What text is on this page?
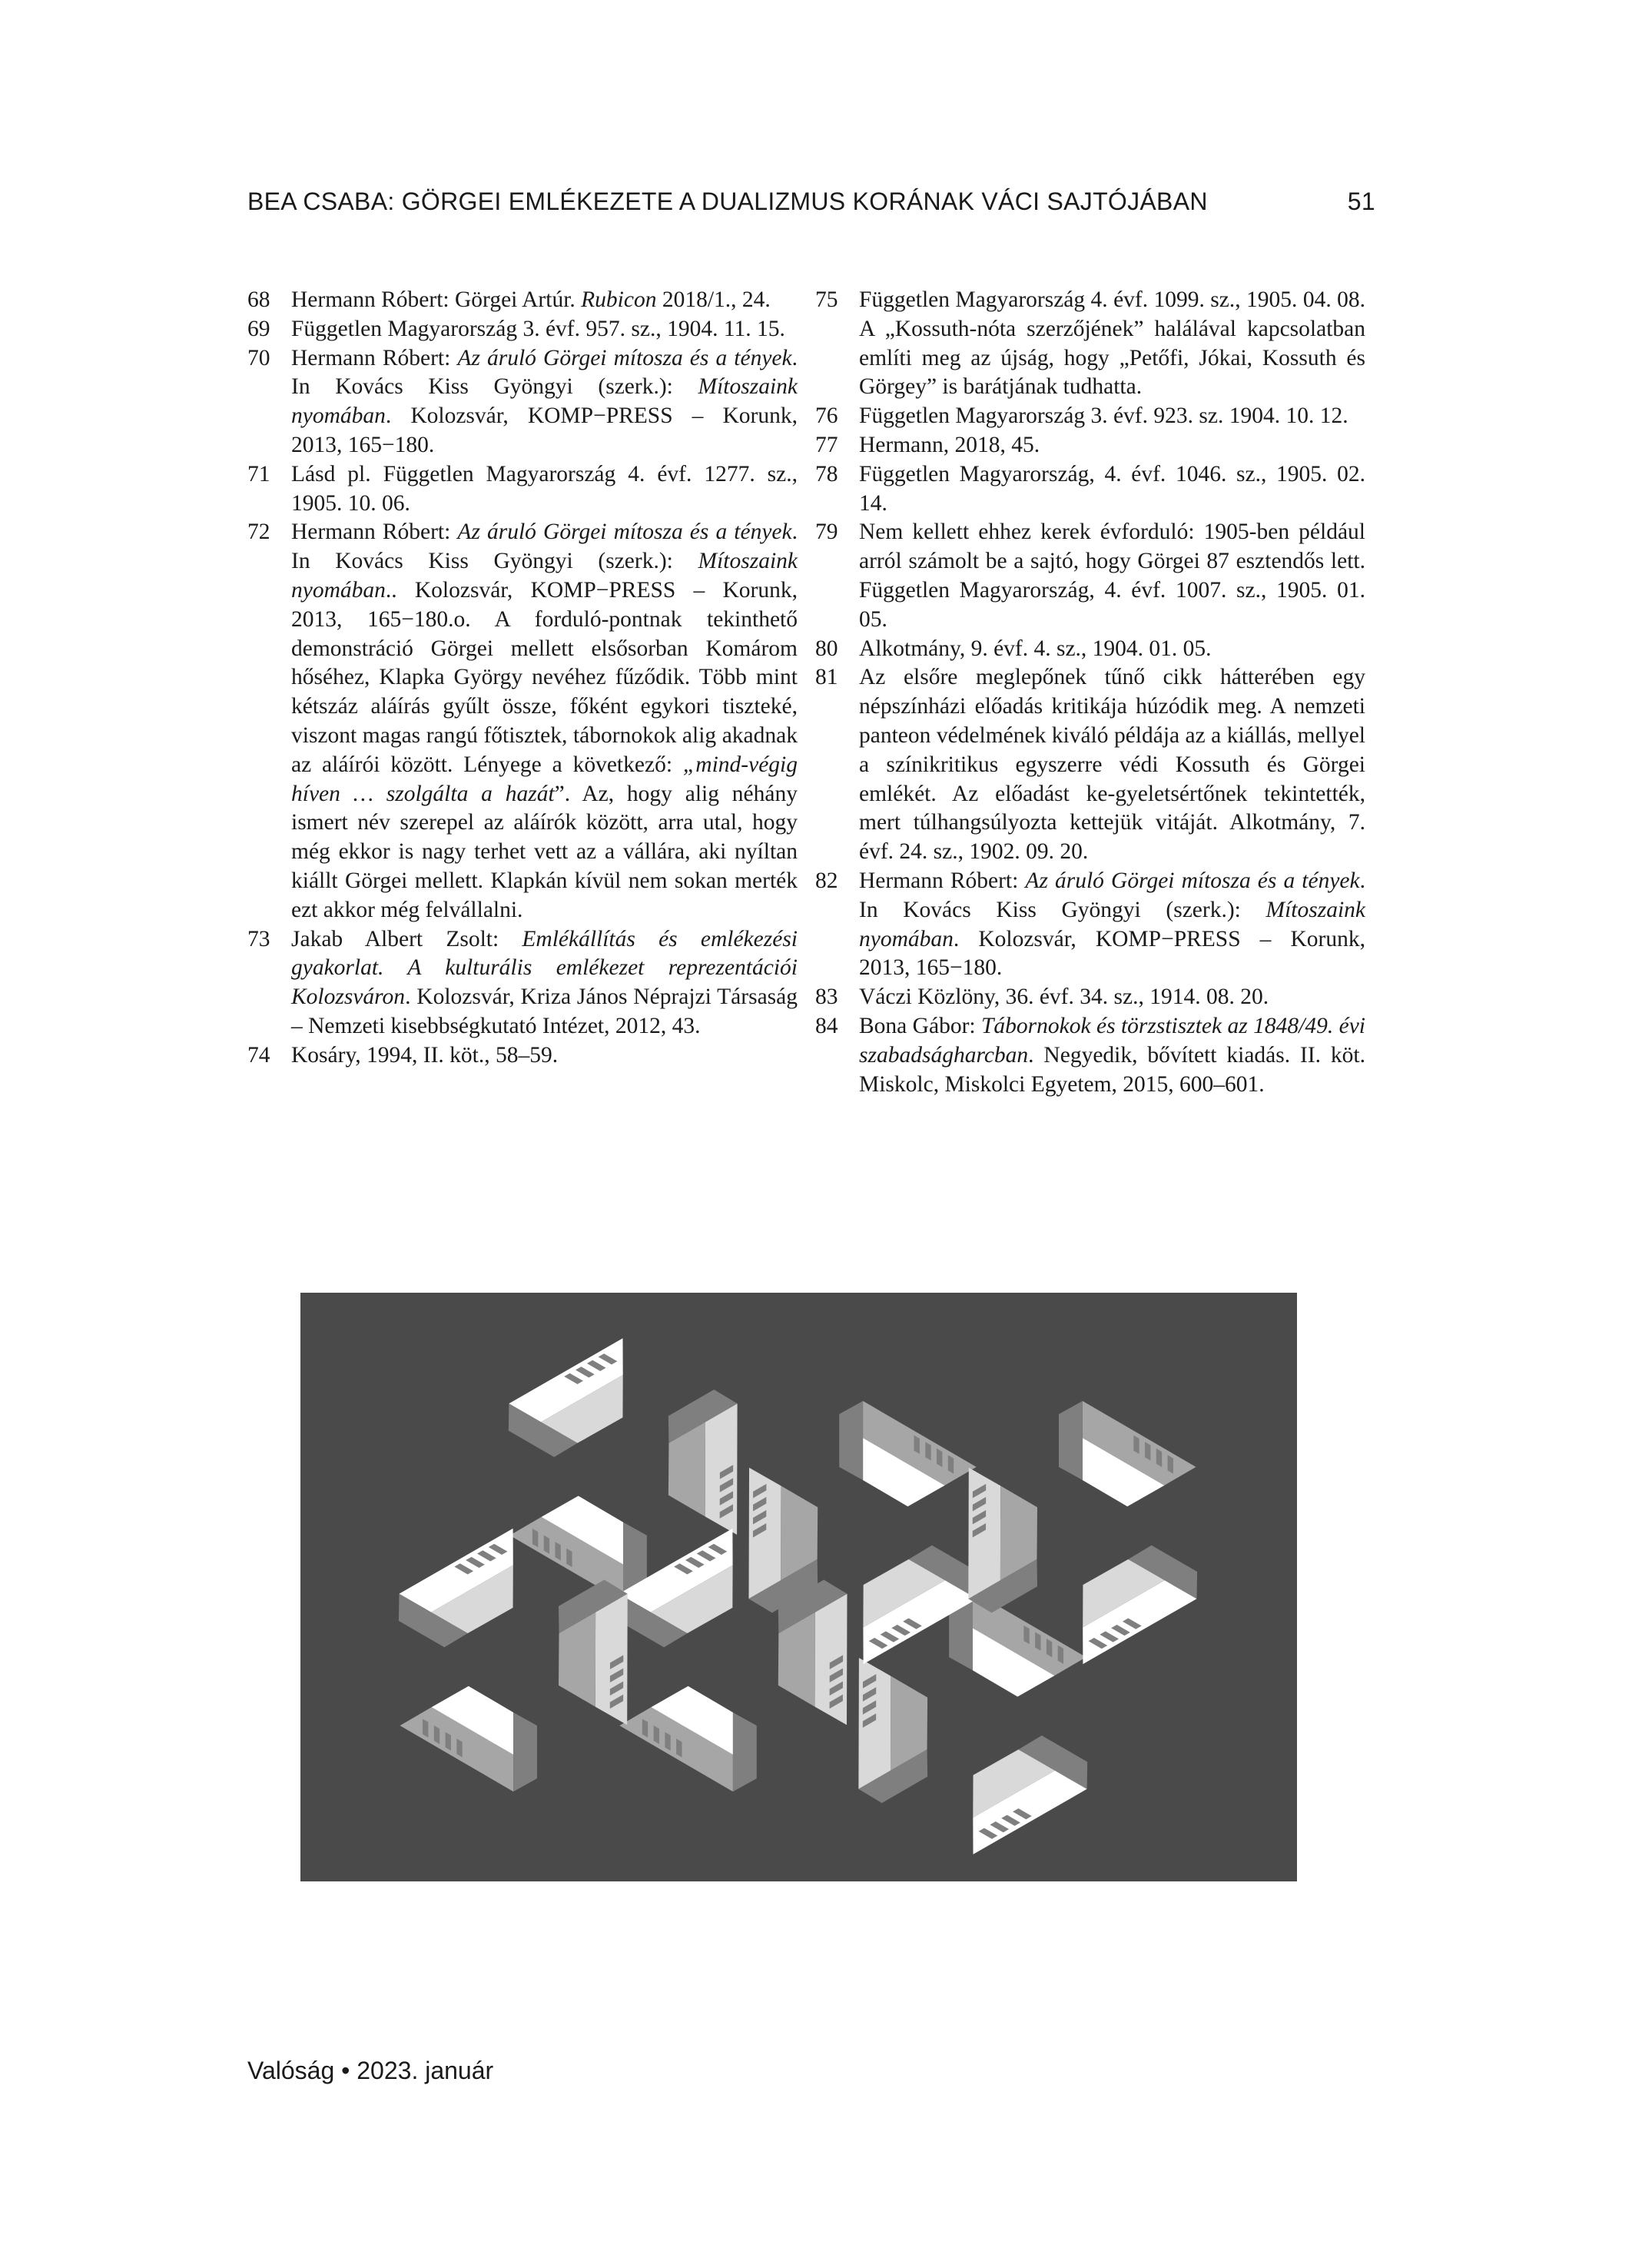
BEA CSABA: GÖRGEI EMLÉKEZETE A DUALIZMUS KORÁNAK VÁCI SAJTÓJÁBAN	51
68 Hermann Róbert: Görgei Artúr. Rubicon 2018/1., 24.
69 Független Magyarország 3. évf. 957. sz., 1904. 11. 15.
70 Hermann Róbert: Az áruló Görgei mítosza és a tények. In Kovács Kiss Gyöngyi (szerk.): Mítoszaink nyomában. Kolozsvár, KOMP−PRESS – Korunk, 2013, 165−180.
71 Lásd pl. Független Magyarország 4. évf. 1277. sz., 1905. 10. 06.
72 Hermann Róbert: Az áruló Görgei mítosza és a tények. In Kovács Kiss Gyöngyi (szerk.): Mítoszaink nyomában.. Kolozsvár, KOMP−PRESS – Korunk, 2013, 165−180.o. A forduló-pontnak tekinthető demonstráció Görgei mellett elsősorban Komárom hőséhez, Klapka György nevéhez fűződik. Több mint kétszáz aláírás gyűlt össze, főként egykori tiszteké, viszont magas rangú főtisztek, tábornokok alig akadnak az aláírói között. Lényege a következő: „mind-végig híven … szolgálta a hazát”. Az, hogy alig néhány ismert név szerepel az aláírók között, arra utal, hogy még ekkor is nagy terhet vett az a vállára, aki nyíltan kiállt Görgei mellett. Klapkán kívül nem sokan merték ezt akkor még felvállalni.
73 Jakab Albert Zsolt: Emlékállítás és emlékezési gyakorlat. A kulturális emlékezet reprezentációi Kolozsváron. Kolozsvár, Kriza János Néprajzi Társaság – Nemzeti kisebbségkutató Intézet, 2012, 43.
74 Kosáry, 1994, II. köt., 58–59.
75 Független Magyarország 4. évf. 1099. sz., 1905. 04. 08. A „Kossuth-nóta szerzőjének” halálával kapcsolatban említi meg az újság, hogy „Petőfi, Jókai, Kossuth és Görgey” is barátjának tudhatta.
76 Független Magyarország 3. évf. 923. sz. 1904. 10. 12.
77 Hermann, 2018, 45.
78 Független Magyarország, 4. évf. 1046. sz., 1905. 02. 14.
79 Nem kellett ehhez kerek évforduló: 1905-ben például arról számolt be a sajtó, hogy Görgei 87 esztendős lett. Független Magyarország, 4. évf. 1007. sz., 1905. 01. 05.
80 Alkotmány, 9. évf. 4. sz., 1904. 01. 05.
81 Az elsőre meglepőnek tűnő cikk hátterében egy népszínházi előadás kritikája húzódik meg. A nemzeti panteon védelmének kiváló példája az a kiállás, mellyel a színikritikus egyszerre védi Kossuth és Görgei emlékét. Az előadást ke-gyeletsértőnek tekintették, mert túlhangsúlyozta kettejük vitáját. Alkotmány, 7. évf. 24. sz., 1902. 09. 20.
82 Hermann Róbert: Az áruló Görgei mítosza és a tények. In Kovács Kiss Gyöngyi (szerk.): Mítoszaink nyomában. Kolozsvár, KOMP−PRESS – Korunk, 2013, 165−180.
83 Váczi Közlöny, 36. évf. 34. sz., 1914. 08. 20.
84 Bona Gábor: Tábornokok és törzstisztek az 1848/49. évi szabadságharcban. Negyedik, bővített kiadás. II. köt. Miskolc, Miskolci Egyetem, 2015, 600–601.
Valóság • 2023. január
